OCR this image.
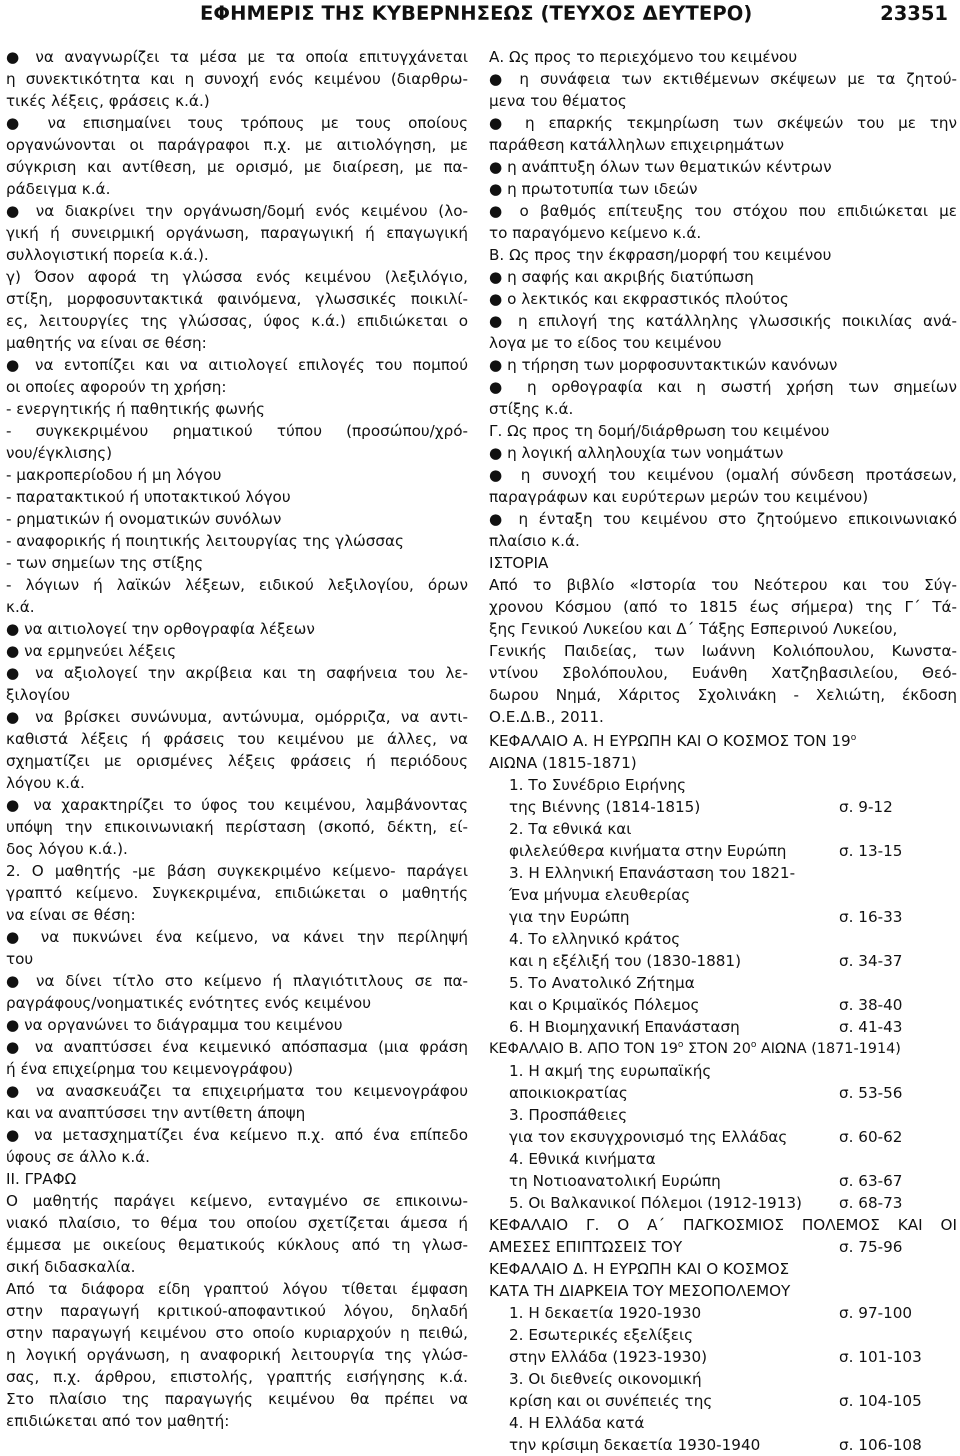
ΕΦΗΜΕΡΙΣ ΤΗΣ ΚΥΒΕΡΝΗΣΕΩΣ (ΤΕΥΧΟΣ ΔΕΥΤΕΡΟ)	23351
● να αναγνωρίζει τα μέσα με τα οποία επιτυγχάνεται
η συνεκτικότητα και η συνοχή ενός κειμένου (διαρθρω-
τικές λέξεις, φράσεις κ.ά.)
● να επισημαίνει τους τρόπους με τους οποίους
οργανώνονται οι παράγραφοι π.χ. με αιτιολόγηση, με
σύγκριση και αντίθεση, με ορισμό, με διαίρεση, με πα-
ράδειγμα κ.ά.
● να διακρίνει την οργάνωση/δομή ενός κειμένου (λο-
γική ή συνειρμική οργάνωση, παραγωγική ή επαγωγική
συλλογιστική πορεία κ.ά.).
γ) Όσον αφορά τη γλώσσα ενός κειμένου (λεξιλόγιο,
στίξη, μορφοσυντακτικά φαινόμενα, γλωσσικές ποικιλί-
ες, λειτουργίες της γλώσσας, ύφος κ.ά.) επιδιώκεται ο
μαθητής να είναι σε θέση:
● να εντοπίζει και να αιτιολογεί επιλογές του πομπού
οι οποίες αφορούν τη χρήση:
- ενεργητικής ή παθητικής φωνής
- συγκεκριμένου ρηματικού τύπου (προσώπου/χρό-
νου/έγκλισης)
- μακροπερίοδου ή μη λόγου
- παρατακτικού ή υποτακτικού λόγου
- ρηματικών ή ονοματικών συνόλων
- αναφορικής ή ποιητικής λειτουργίας της γλώσσας
- των σημείων της στίξης
- λόγιων ή λαϊκών λέξεων, ειδικού λεξιλογίου, όρων
κ.ά.
● να αιτιολογεί την ορθογραφία λέξεων
● να ερμηνεύει λέξεις
● να αξιολογεί την ακρίβεια και τη σαφήνεια του λε-
ξιλογίου
● να βρίσκει συνώνυμα, αντώνυμα, ομόρριζα, να αντι-
καθιστά λέξεις ή φράσεις του κειμένου με άλλες, να
σχηματίζει με ορισμένες λέξεις φράσεις ή περιόδους
λόγου κ.ά.
● να χαρακτηρίζει το ύφος του κειμένου, λαμβάνοντας
υπόψη την επικοινωνιακή περίσταση (σκοπό, δέκτη, εί-
δος λόγου κ.ά.).
2. Ο μαθητής -με βάση συγκεκριμένο κείμενο- παράγει
γραπτό κείμενο. Συγκεκριμένα, επιδιώκεται ο μαθητής
να είναι σε θέση:
● να πυκνώνει ένα κείμενο, να κάνει την περίληψή
του
● να δίνει τίτλο στο κείμενο ή πλαγιότιτλους σε πα-
ραγράφους/νοηματικές ενότητες ενός κειμένου
● να οργανώνει το διάγραμμα του κειμένου
● να αναπτύσσει ένα κειμενικό απόσπασμα (μια φράση
ή ένα επιχείρημα του κειμενογράφου)
● να ανασκευάζει τα επιχειρήματα του κειμενογράφου
και να αναπτύσσει την αντίθετη άποψη
● να μετασχηματίζει ένα κείμενο π.χ. από ένα επίπεδο
ύφους σε άλλο κ.ά.
ΙΙ. ΓΡΑΦΩ
Ο μαθητής παράγει κείμενο, ενταγμένο σε επικοινω-
νιακό πλαίσιο, το θέμα του οποίου σχετίζεται άμεσα ή
έμμεσα με οικείους θεματικούς κύκλους από τη γλωσ-
σική διδασκαλία.
Από τα διάφορα είδη γραπτού λόγου τίθεται έμφαση
στην παραγωγή κριτικού-αποφαντικού λόγου, δηλαδή
στην παραγωγή κειμένου στο οποίο κυριαρχούν η πειθώ,
η λογική οργάνωση, η αναφορική λειτουργία της γλώσ-
σας, π.χ. άρθρου, επιστολής, γραπτής εισήγησης κ.ά.
Στο πλαίσιο της παραγωγής κειμένου θα πρέπει να
επιδιώκεται από τον μαθητή:
Α. Ως προς το περιεχόμενο του κειμένου
● η συνάφεια των εκτιθέμενων σκέψεων με τα ζητού-
μενα του θέματος
● η επαρκής τεκμηρίωση των σκέψεών του με την
παράθεση κατάλληλων επιχειρημάτων
● η ανάπτυξη όλων των θεματικών κέντρων
● η πρωτοτυπία των ιδεών
● ο βαθμός επίτευξης του στόχου που επιδιώκεται με
το παραγόμενο κείμενο κ.ά.
Β. Ως προς την έκφραση/μορφή του κειμένου
● η σαφής και ακριβής διατύπωση
● ο λεκτικός και εκφραστικός πλούτος
● η επιλογή της κατάλληλης γλωσσικής ποικιλίας ανά-
λογα με το είδος του κειμένου
● η τήρηση των μορφοσυντακτικών κανόνων
● η ορθογραφία και η σωστή χρήση των σημείων
στίξης κ.ά.
Γ. Ως προς τη δομή/διάρθρωση του κειμένου
● η λογική αλληλουχία των νοημάτων
● η συνοχή του κειμένου (ομαλή σύνδεση προτάσεων,
παραγράφων και ευρύτερων μερών του κειμένου)
● η ένταξη του κειμένου στο ζητούμενο επικοινωνιακό
πλαίσιο κ.ά.
ΙΣΤΟΡΙΑ
Από το βιβλίο «Ιστορία του Νεότερου και του Σύγ-
χρονου Κόσμου (από το 1815 έως σήμερα) της Γ΄ Τά-
ξης Γενικού Λυκείου και Δ΄ Τάξης Εσπερινού Λυκείου,
Γενικής Παιδείας, των Ιωάννη Κολιόπουλου, Κωνστα-
ντίνου Σβολόπουλου, Ευάνθη Χατζηβασιλείου, Θεό-
δωρου Νημά, Χάριτος Σχολινάκη - Χελιώτη, έκδοση
Ο.Ε.Δ.Β., 2011.
ΚΕΦΑΛΑΙΟ Α. Η ΕΥΡΩΠΗ ΚΑΙ Ο ΚΟΣΜΟΣ ΤΟΝ $19^o$
ΑΙΩΝΑ (1815-1871)
1. Το Συνέδριο Ειρήνης
της Βιέννης (1814-1815)	σ. 9-12
2. Τα εθνικά και
φιλελεύθερα κινήματα στην Ευρώπη	σ. 13-15
3. Η Ελληνική Επανάσταση του 1821-
Ένα μήνυμα ελευθερίας
για την Ευρώπη	σ. 16-33
4. Το ελληνικό κράτος
και η εξέλιξή του (1830-1881)	σ. 34-37
5. Το Ανατολικό Ζήτημα
και ο Κριμαϊκός Πόλεμος	σ. 38-40
6. Η Βιομηχανική Επανάσταση	σ. 41-43
ΚΕΦΑΛΑΙΟ Β. ΑΠΟ ΤΟΝ $19^o$ ΣΤΟΝ $20^o$ ΑΙΩΝΑ (1871-1914)
1. Η ακμή της ευρωπαϊκής
αποικιοκρατίας	σ. 53-56
3. Προσπάθειες
για τον εκσυγχρονισμό της Ελλάδας	σ. 60-62
4. Εθνικά κινήματα
τη Νοτιοανατολική Ευρώπη	σ. 63-67
5. Οι Βαλκανικοί Πόλεμοι (1912-1913) σ. 68-73
ΚΕΦΑΛΑΙΟ Γ. Ο Α΄ ΠΑΓΚΟΣΜΙΟΣ ΠΟΛΕΜΟΣ ΚΑΙ ΟΙ
ΑΜΕΣΕΣ ΕΠΙΠΤΩΣΕΙΣ ΤΟΥ	σ. 75-96
ΚΕΦΑΛΑΙΟ Δ. Η ΕΥΡΩΠΗ ΚΑΙ Ο ΚΟΣΜΟΣ
ΚΑΤΑ ΤΗ ΔΙΑΡΚΕΙΑ ΤΟΥ ΜΕΣΟΠΟΛΕΜΟΥ
1. Η δεκαετία 1920-1930	σ. 97-100
2. Εσωτερικές εξελίξεις
στην Ελλάδα (1923-1930)	σ. 101-103
3. Οι διεθνείς οικονομική
κρίση και οι συνέπειές της	σ. 104-105
4. Η Ελλάδα κατά
την κρίσιμη δεκαετία 1930-1940	σ. 106-108
